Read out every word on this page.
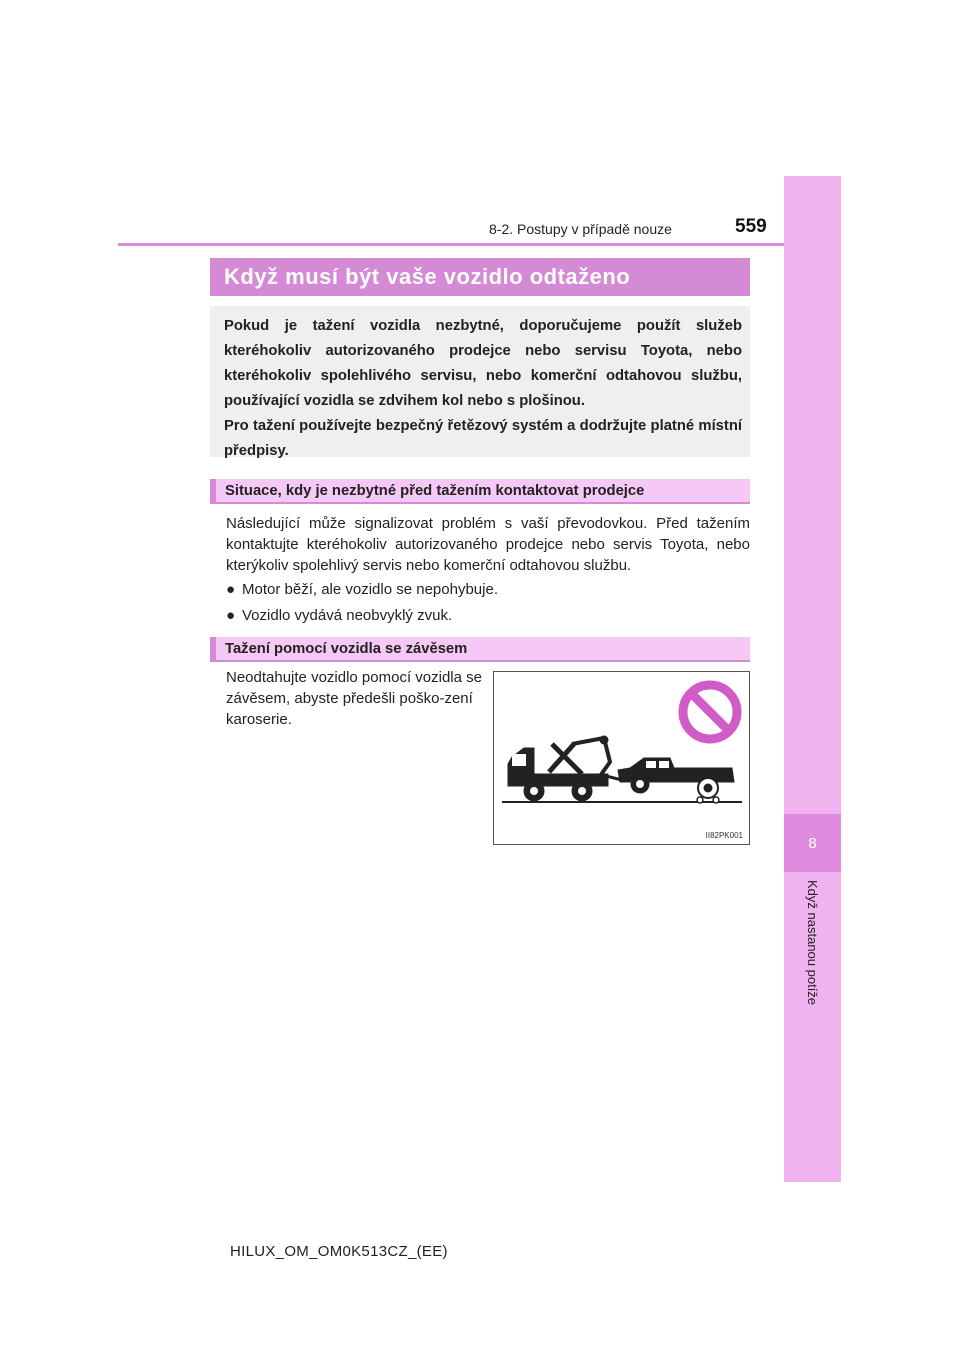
8
Když nastanou potíže
8-2. Postupy v případě nouze	559
Když musí být vaše vozidlo odtaženo

Pokud je tažení vozidla nezbytné, doporučujeme použít služeb kteréhokoliv autorizovaného prodejce nebo servisu Toyota, nebo kteréhokoliv spolehlivého servisu, nebo komerční odtahovou službu, používající vozidla se zdvihem kol nebo s plošinou.

Pro tažení používejte bezpečný řetězový systém a dodržujte platné místní předpisy.

Situace, kdy je nezbytné před tažením kontaktovat prodejce
Následující může signalizovat problém s vaší převodovkou. Před tažením kontaktujte kteréhokoliv autorizovaného prodejce nebo servis Toyota, nebo kterýkoliv spolehlivý servis nebo komerční odtahovou službu.
● Motor běží, ale vozidlo se nepohybuje.
● Vozidlo vydává neobvyklý zvuk.
Tažení pomocí vozidla se závěsem
Neodtahujte vozidlo pomocí vozidla se závěsem, abyste předešli poško-zení karoserie.
II82PK001
HILUX_OM_OM0K513CZ_(EE)
